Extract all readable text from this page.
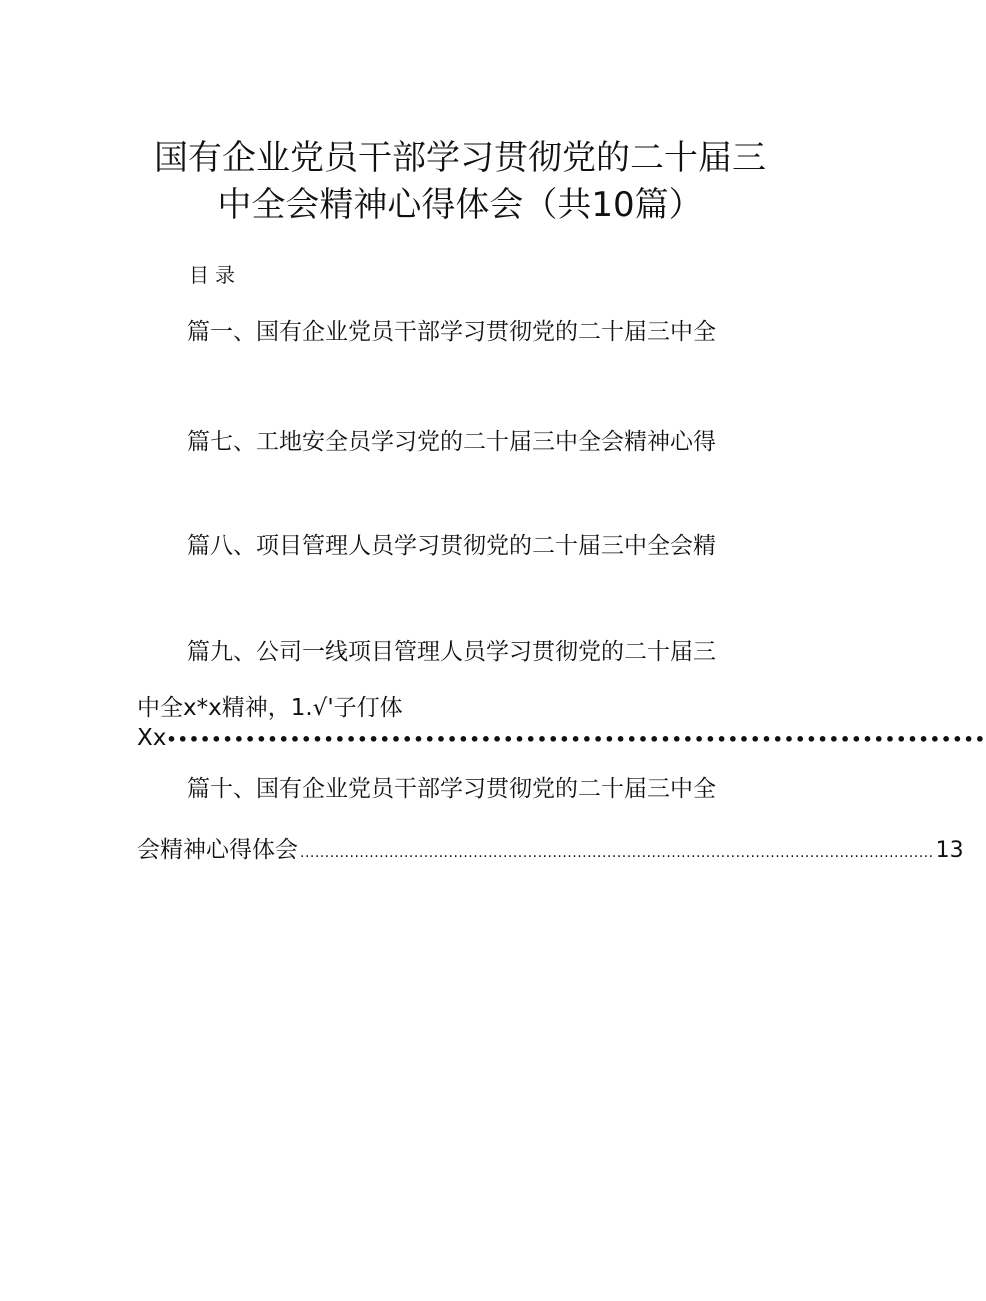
国有企业党员干部学习贯彻党的二十届三
中全会精神心得体会（共10篇）
目录
篇一、国有企业党员干部学习贯彻党的二十届三中全
篇七、工地安全员学习党的二十届三中全会精神心得
篇八、项目管理人员学习贯彻党的二十届三中全会精
篇九、公司一线项目管理人员学习贯彻党的二十届三
中全x*x精神，1.√'子仃体
Xx •••••••••••••••••••••••••••••••••••••••••••••••••••••••••••••••••••••••••
篇十、国有企业党员干部学习贯彻党的二十届三中全
会精神心得体会 ................................................................................................................................ 13
